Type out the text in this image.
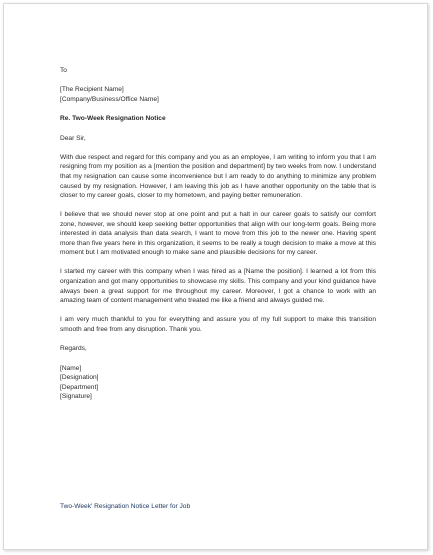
To
[The Recipient Name]
[Company/Business/Office Name]
Re. Two-Week Resignation Notice
Dear Sir,
With due respect and regard for this company and you as an employee, I am writing to inform you that I am resigning from my position as a [mention the position and department] by two weeks from now. I understand that my resignation can cause some inconvenience but I am ready to do anything to minimize any problem caused by my resignation. However, I am leaving this job as I have another opportunity on the table that is closer to my career goals, closer to my hometown, and paying better remuneration.
I believe that we should never stop at one point and put a halt in our career goals to satisfy our comfort zone, however, we should keep seeking better opportunities that align with our long-term goals. Being more interested in data analysis than data search, I want to move from this job to the newer one. Having spent more than five years here in this organization, it seems to be really a tough decision to make a move at this moment but I am motivated enough to make sane and plausible decisions for my career.
I started my career with this company when I was hired as a [Name the position]. I learned a lot from this organization and got many opportunities to showcase my skills. This company and your kind guidance have always been a great support for me throughout my career. Moreover, I got a chance to work with an amazing team of content management who treated me like a friend and always guided me.
I am very much thankful to you for everything and assure you of my full support to make this transition smooth and free from any disruption. Thank you.
Regards,
[Name]
[Designation]
[Department]
[Signature]
Two-Week' Resignation Notice Letter for Job
